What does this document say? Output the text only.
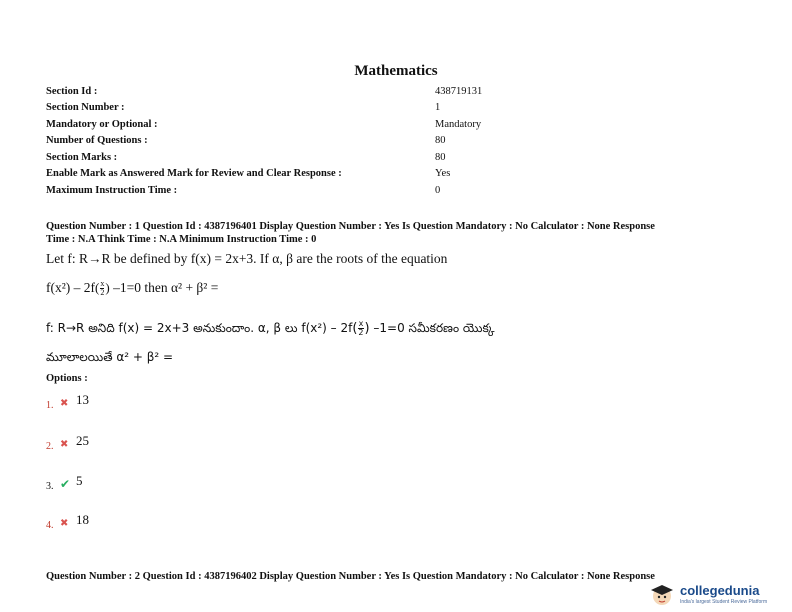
Mathematics
Section Id :	438719131
Section Number :	1
Mandatory or Optional :	Mandatory
Number of Questions :	80
Section Marks :	80
Enable Mark as Answered Mark for Review and Clear Response :	Yes
Maximum Instruction Time :	0
Question Number : 1 Question Id : 4387196401 Display Question Number : Yes Is Question Mandatory : No Calculator : None Response
Time : N.A Think Time : N.A Minimum Instruction Time : 0
Let f: R→R be defined by f(x) = 2x+3. If α, β are the roots of the equation
$f(x^2) - 2f( \frac{x}{2}$ ) –1=0 then α² + β² =
f: R→R అనిది f(x) = 2x+3 అనుకుందాం. α, β లు $f(x^2) - 2f( \frac{x}{2}$ ) –1=0 సమీకరణం యొక్క
మూలాలయితే α² + β² =
Options :
1. ✖ 13
2. ✖ 25
3. ✔ 5
4. ✖ 18
Question Number : 2 Question Id : 4387196402 Display Question Number : Yes Is Question Mandatory : No Calculator : None Response
collegedunia
India's largest Student Review Platform
